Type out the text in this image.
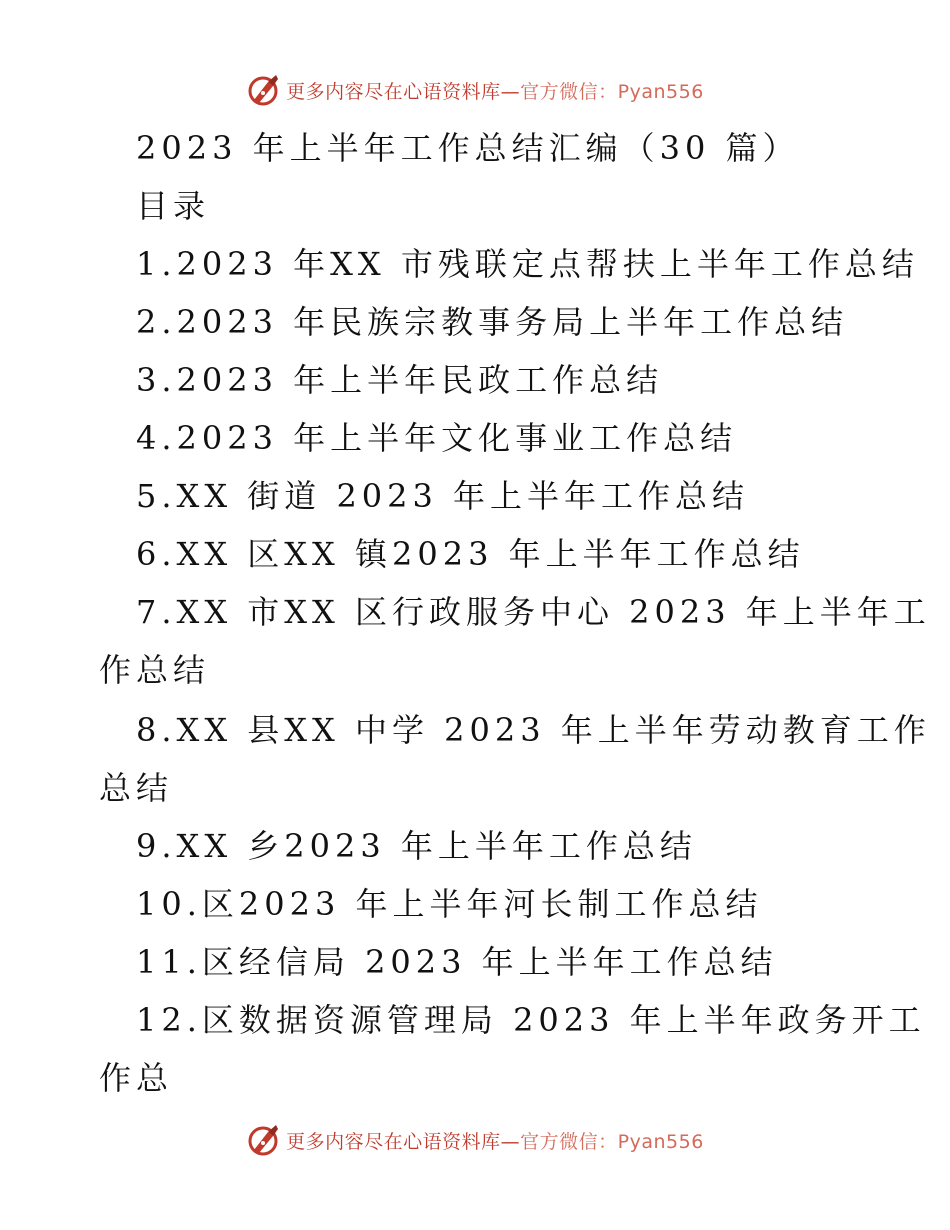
更多内容尽在心语资料库—官方微信：Pyan556
2023 年上半年工作总结汇编（30 篇）
目录
1.2023 年XX 市残联定点帮扶上半年工作总结
2.2023 年民族宗教事务局上半年工作总结
3.2023 年上半年民政工作总结
4.2023 年上半年文化事业工作总结
5.XX 街道 2023 年上半年工作总结
6.XX 区XX 镇2023 年上半年工作总结
7.XX 市XX 区行政服务中心 2023 年上半年工
作总结
8.XX 县XX 中学 2023 年上半年劳动教育工作
总结
9.XX 乡2023 年上半年工作总结
10.区2023 年上半年河长制工作总结
11.区经信局 2023 年上半年工作总结
12.区数据资源管理局 2023 年上半年政务开工
作总
更多内容尽在心语资料库—官方微信：Pyan556
